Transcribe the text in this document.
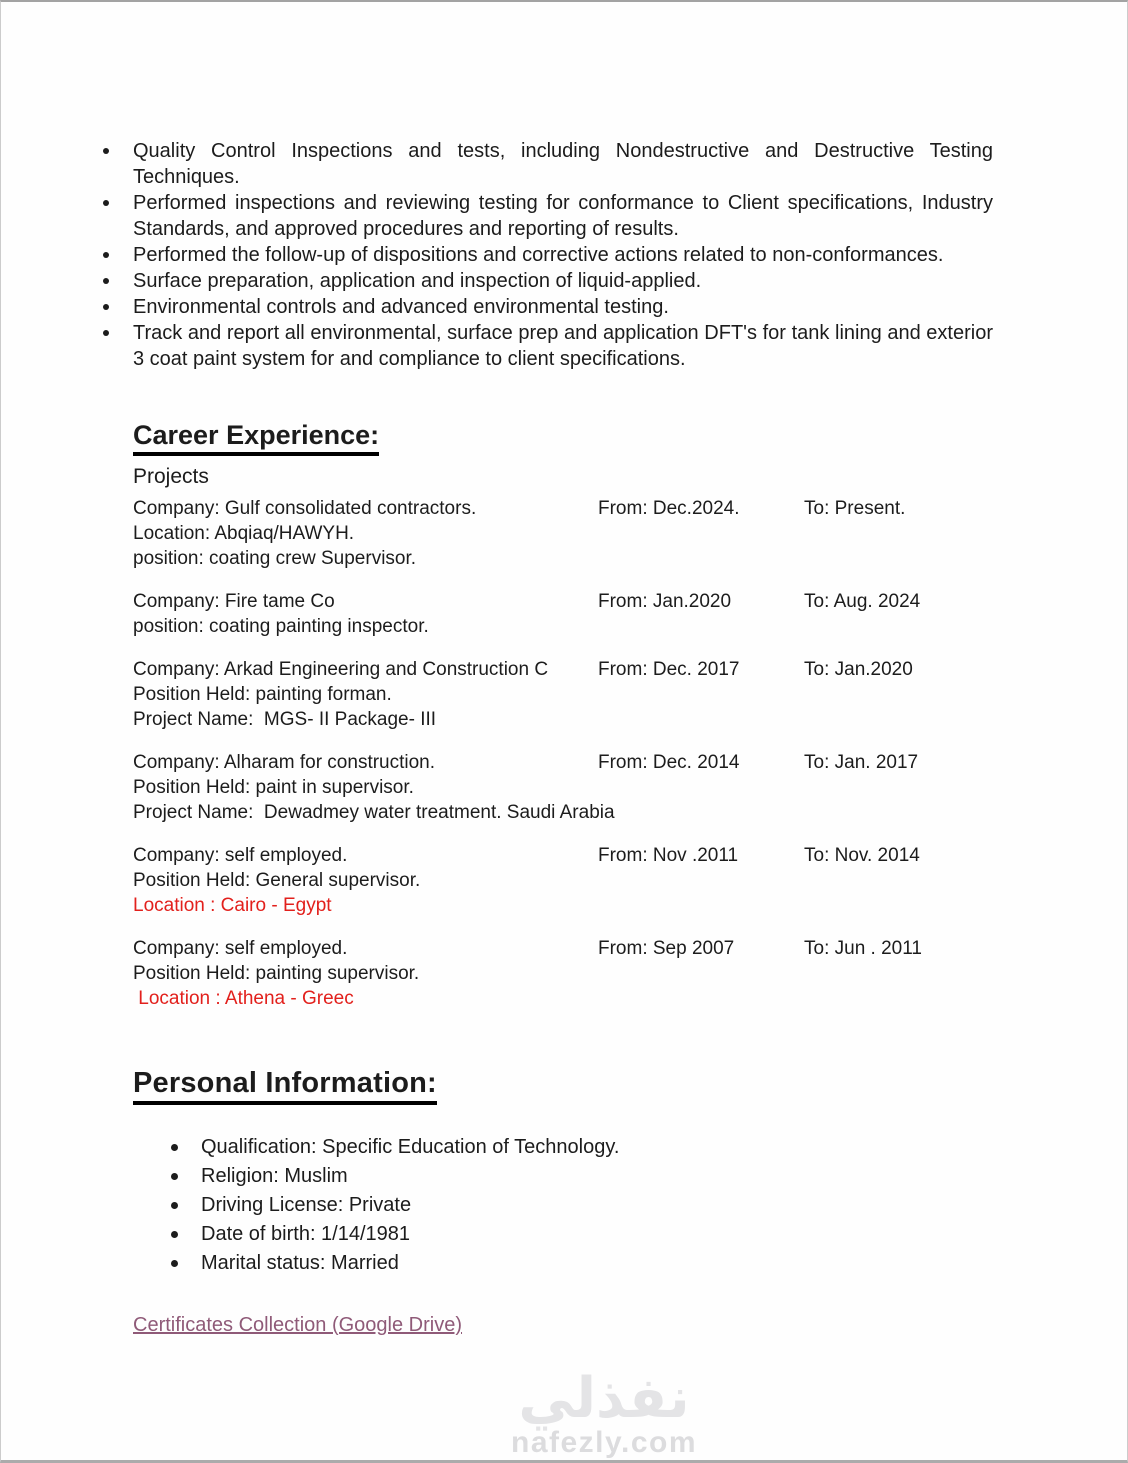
Quality Control Inspections and tests, including Nondestructive and Destructive Testing Techniques.
Performed inspections and reviewing testing for conformance to Client specifications, Industry Standards, and approved procedures and reporting of results.
Performed the follow-up of dispositions and corrective actions related to non-conformances.
Surface preparation, application and inspection of liquid-applied.
Environmental controls and advanced environmental testing.
Track and report all environmental, surface prep and application DFT's for tank lining and exterior 3 coat paint system for and compliance to client specifications.
Career Experience:
Projects
Company: Gulf consolidated contractors.	From: Dec.2024.	To: Present.
Location: Abqiaq/HAWYH.
position: coating crew Supervisor.
Company: Fire tame Co	From: Jan.2020	To: Aug. 2024
position: coating painting inspector.
Company: Arkad Engineering and Construction C	From: Dec. 2017	To: Jan.2020
Position Held: painting forman.
Project Name:  MGS- II Package- III
Company: Alharam for construction.	From: Dec. 2014	To: Jan. 2017
Position Held: paint in supervisor.
Project Name:  Dewadmey water treatment. Saudi Arabia
Company: self employed.	From: Nov .2011	To: Nov. 2014
Position Held: General supervisor.
Location : Cairo - Egypt
Company: self employed.	From: Sep 2007	To: Jun . 2011
Position Held: painting supervisor.
Location : Athena - Greec
Personal Information:
Qualification: Specific Education of Technology.
Religion: Muslim
Driving License: Private
Date of birth: 1/14/1981
Marital status: Married
Certificates Collection (Google Drive)
نفذلي
nafezly.com
